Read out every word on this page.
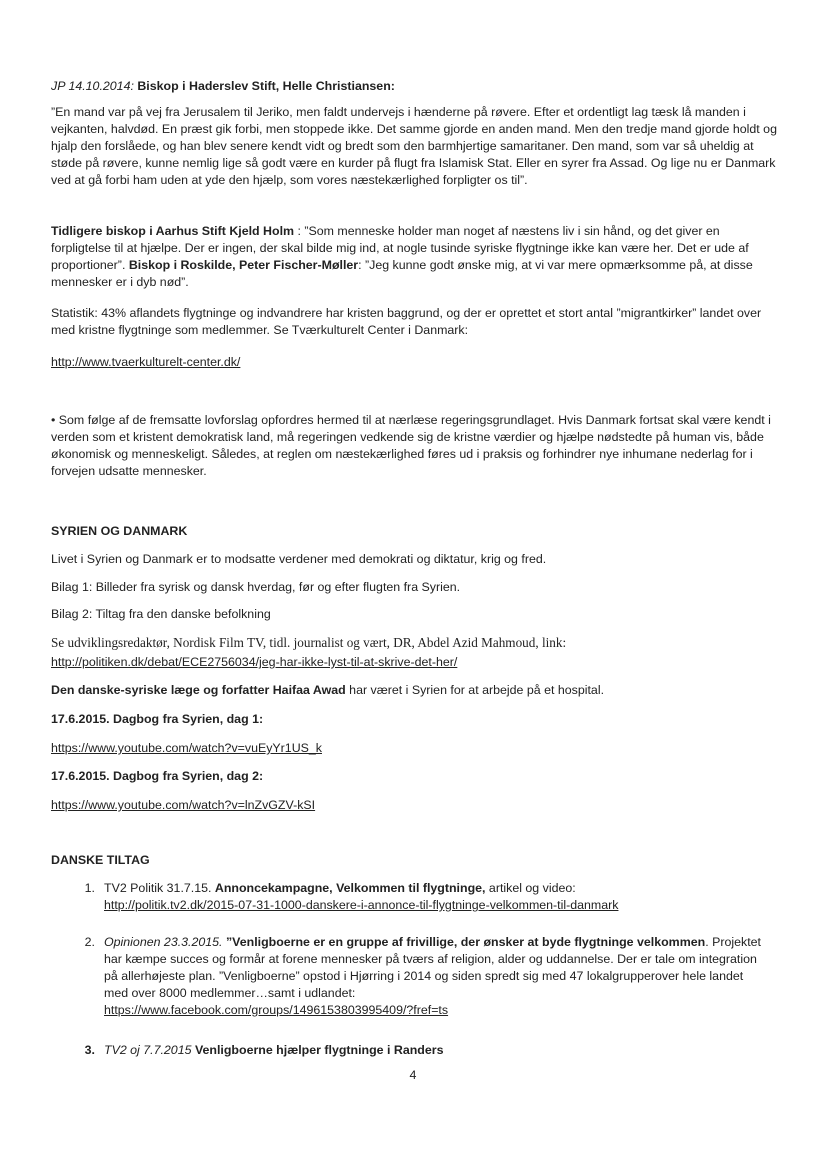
JP 14.10.2014: Biskop i Haderslev Stift, Helle Christiansen:

”En mand var på vej fra Jerusalem til Jeriko, men faldt undervejs i hænderne på røvere. Efter et ordentligt lag tæsk lå manden i vejkanten, halvdød. En præst gik forbi, men stoppede ikke. Det samme gjorde en anden mand. Men den tredje mand gjorde holdt og hjalp den forslåede, og han blev senere kendt vidt og bredt som den barmhjertige samaritaner. Den mand, som var så uheldig at støde på røvere, kunne nemlig lige så godt være en kurder på flugt fra Islamisk Stat. Eller en syrer fra Assad. Og lige nu er Danmark ved at gå forbi ham uden at yde den hjælp, som vores næstekærlighed forpligter os til”.

Tidligere biskop i Aarhus Stift Kjeld Holm : ”Som menneske holder man noget af næstens liv i sin hånd, og det giver en forpligtelse til at hjælpe. Der er ingen, der skal bilde mig ind, at nogle tusinde syriske flygtninge ikke kan være her. Det er ude af proportioner”. Biskop i Roskilde, Peter Fischer-Møller: ”Jeg kunne godt ønske mig, at vi var mere opmærksomme på, at disse mennesker er i dyb nød”.

Statistik: 43% aflandets flygtninge og indvandrere har kristen baggrund, og der er oprettet et stort antal ”migrantkirker” landet over med kristne flygtninge som medlemmer. Se Tværkulturelt Center i Danmark:

http://www.tvaerkulturelt-center.dk/

• Som følge af de fremsatte lovforslag opfordres hermed til at nærlæse regeringsgrundlaget. Hvis Danmark fortsat skal være kendt i verden som et kristent demokratisk land, må regeringen vedkende sig de kristne værdier og hjælpe nødstedte på human vis, både økonomisk og menneskeligt. Således, at reglen om næstekærlighed føres ud i praksis og forhindrer nye inhumane nederlag for i forvejen udsatte mennesker.

SYRIEN OG DANMARK

Livet i Syrien og Danmark er to modsatte verdener med demokrati og diktatur, krig og fred.

Bilag 1: Billeder fra syrisk og dansk hverdag, før og efter flugten fra Syrien.

Bilag 2: Tiltag fra den danske befolkning

Se udviklingsredaktør, Nordisk Film TV, tidl. journalist og vært, DR, Abdel Azid Mahmoud, link:

http://politiken.dk/debat/ECE2756034/jeg-har-ikke-lyst-til-at-skrive-det-her/

Den danske-syriske læge og forfatter Haifaa Awad har været i Syrien for at arbejde på et hospital.

17.6.2015. Dagbog fra Syrien, dag 1:

https://www.youtube.com/watch?v=vuEyYr1US_k

17.6.2015. Dagbog fra Syrien, dag 2:

https://www.youtube.com/watch?v=lnZvGZV-kSI

DANSKE TILTAG

1. TV2 Politik 31.7.15. Annoncekampagne, Velkommen til flygtninge, artikel og video:
http://politik.tv2.dk/2015-07-31-1000-danskere-i-annonce-til-flygtninge-velkommen-til-danmark
2. Opinionen 23.3.2015. ”Venligboerne er en gruppe af frivillige, der ønsker at byde flygtninge velkommen. Projektet har kæmpe succes og formår at forene mennesker på tværs af religion, alder og uddannelse. Der er tale om integration på allerhøjeste plan. ”Venligboerne” opstod i Hjørring i 2014 og siden spredt sig med 47 lokalgrupperover hele landet med over 8000 medlemmer…samt i udlandet:
https://www.facebook.com/groups/1496153803995409/?fref=ts
3. TV2 oj 7.7.2015 Venligboerne hjælper flygtninge i Randers
4
